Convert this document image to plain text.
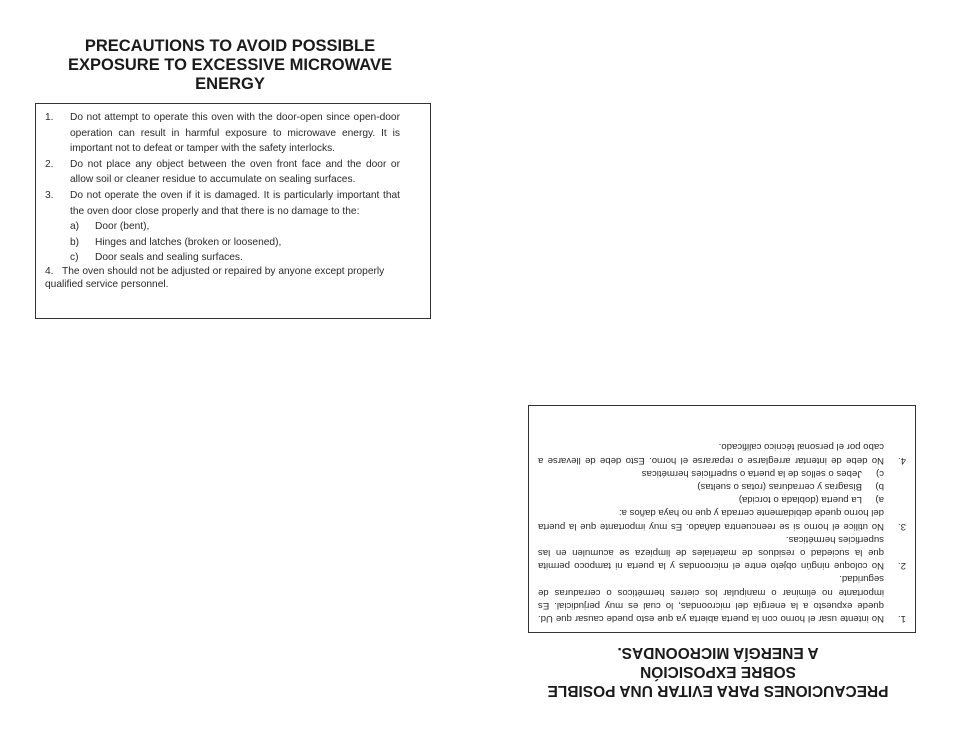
PRECAUTIONS TO AVOID POSSIBLE
EXPOSURE TO EXCESSIVE MICROWAVE
ENERGY
1.	Do not attempt to operate this oven with the door-open since open-door operation can result in harmful exposure to microwave energy. It is important not to defeat or tamper with the safety interlocks.
2.	Do not place any object between the oven front face and the door or allow soil or cleaner residue to accumulate on sealing surfaces.
3.	Do not operate the oven if it is damaged. It is particularly important that the oven door close properly and that there is no damage to the:
a)	Door (bent),
b)	Hinges and latches (broken or loosened),
c)	Door seals and sealing surfaces.
4. The oven should not be adjusted or repaired by anyone except properly qualified service personnel.
PRECAUCIONES PARA EVITAR UNA POSIBLE
SOBRE EXPOSICIÓN
A ENERGÍA MICROONDAS.
1.
No intente usar el horno con la puerta abierta ya que esto puede causar que Ud. quede expuesto a la energía del microondas, lo cual es muy perjudicial. Es importante no eliminar o manipular los cierres herméticos o cerraduras de seguridad.
2.
No coloque ningún objeto entre el microondas y la puerta ni tampoco permita que la suciedad o residuos de materiales de limpieza se acumulen en las superficies herméticas.
3.
No utilice el horno si se reencuentra dañado. Es muy importante que la puerta del horno quede debidamente cerrada y que no haya daños a:
a)
La puerta (doblada o torcida)
b)
Bisagras y cerraduras (rotas o sueltas)
c)
Jebes o sellos de la puerta o superficies herméticas
4.
No debe de intentar arreglarse o repararse el horno. Esto debe de llevarse a cabo por el personal técnico calificado.
